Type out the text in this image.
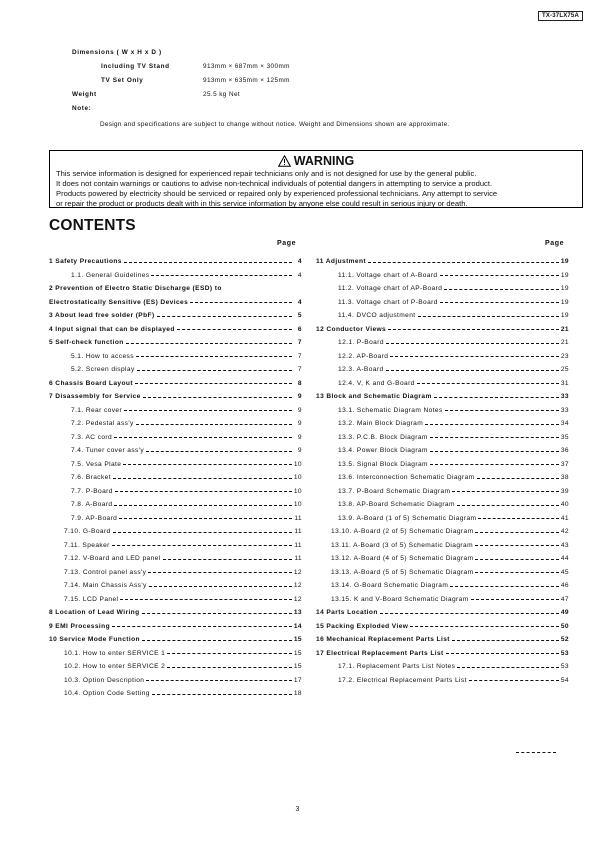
TX-37LX75A
Dimensions ( W x H x D )
Including TV Stand	913mm × 687mm × 300mm
TV Set Only	913mm × 635mm × 125mm
Weight	25.5 kg Net
Note:
Design and specifications are subject to change without notice. Weight and Dimensions shown are approximate.
WARNING
This service information is designed for experienced repair technicians only and is not designed for use by the general public.
It does not contain warnings or cautions to advise non-technical individuals of potential dangers in attempting to service a product.
Products powered by electricity should be serviced or repaired only by experienced professional technicians. Any attempt to service
or repair the product or products dealt with in this service information by anyone else could result in serious injury or death.
CONTENTS
Page	Page
1 Safety Precautions	4
1.1. General Guidelines	4
2 Prevention of Electro Static Discharge (ESD) to
Electrostatically Sensitive (ES) Devices	4
3 About lead free solder (PbF)	5
4 Input signal that can be displayed	6
5 Self-check function	7
5.1. How to access	7
5.2. Screen display	7
6 Chassis Board Layout	8
7 Disassembly for Service	9
7.1. Rear cover	9
7.2. Pedestal ass'y	9
7.3. AC cord	9
7.4. Tuner cover ass'y	9
7.5. Vesa Plate	10
7.6. Bracket	10
7.7. P-Board	10
7.8. A-Board	10
7.9. AP-Board	11
7.10. G-Board	11
7.11. Speaker	11
7.12. V-Board and LED panel	11
7.13. Control panel ass'y	12
7.14. Main Chassis Ass'y	12
7.15. LCD Panel	12
8 Location of Lead Wiring	13
9 EMI Processing	14
10 Service Mode Function	15
10.1. How to enter SERVICE 1	15
10.2. How to enter SERVICE 2	15
10.3. Option Description	17
10.4. Option Code Setting	18
11 Adjustment	19
11.1. Voltage chart of A-Board	19
11.2. Voltage chart of AP-Board	19
11.3. Voltage chart of P-Board	19
11.4. DVCO adjustment	19
12 Conductor Views	21
12.1. P-Board	21
12.2. AP-Board	23
12.3. A-Board	25
12.4. V, K and G-Board	31
13 Block and Schematic Diagram	33
13.1. Schematic Diagram Notes	33
13.2. Main Block Diagram	34
13.3. P.C.B. Block Diagram	35
13.4. Power Block Diagram	36
13.5. Signal Block Diagram	37
13.6. Interconnection Schematic Diagram	38
13.7. P-Board Schematic Diagram	39
13.8. AP-Board Schematic Diagram	40
13.9. A-Board (1 of 5) Schematic Diagram	41
13.10. A-Board (2 of 5) Schematic Diagram	42
13.11. A-Board (3 of 5) Schematic Diagram	43
13.12. A-Board (4 of 5) Schematic Diagram	44
13.13. A-Board (5 of 5) Schematic Diagram	45
13.14. G-Board Schematic Diagram	46
13.15. K and V-Board Schematic Diagram	47
14 Parts Location	49
15 Packing Exploded View	50
16 Mechanical Replacement Parts List	52
17 Electrical Replacement Parts List	53
17.1. Replacement Parts List Notes	53
17.2. Electrical Replacement Parts List	54
3
